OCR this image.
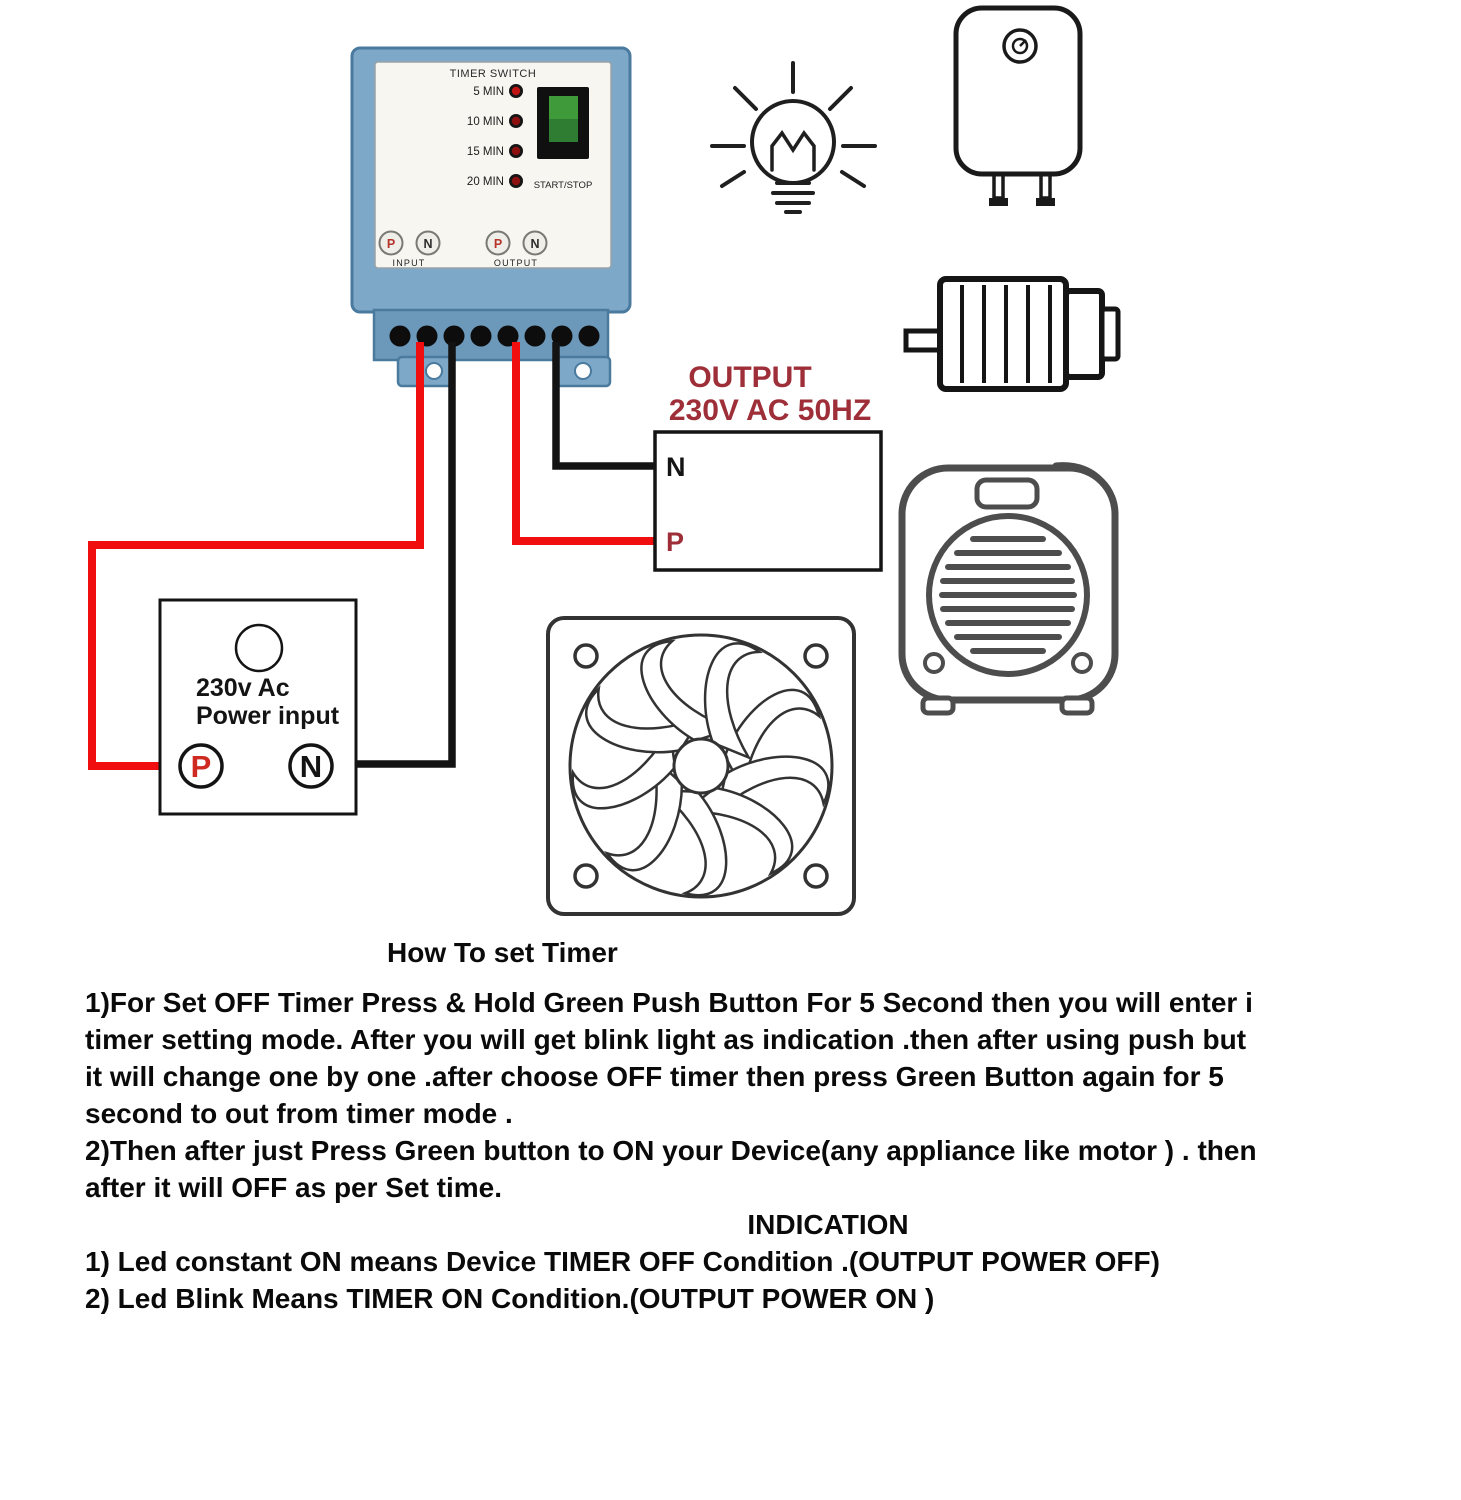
TIMER SWITCH
5 MIN
10 MIN
15 MIN
20 MIN	START/STOP
P N
INPUT
P N
OUTPUT
OUTPUT
230V AC 50HZ
N
P
230v Ac
Power input
P	N
How To set Timer
1)For Set OFF Timer Press & Hold Green Push Button For 5 Second then you will enter i
timer setting mode. After you will get blink light as indication .then after using push but
it will change one by one .after choose OFF timer then press Green Button again for 5
second to out from timer mode .
2)Then after just Press Green button to ON your Device(any appliance like motor ) . then
after it will OFF as per Set time.
INDICATION
1) Led constant ON means Device TIMER OFF Condition .(OUTPUT POWER OFF)
2) Led Blink Means TIMER ON Condition.(OUTPUT POWER ON )
